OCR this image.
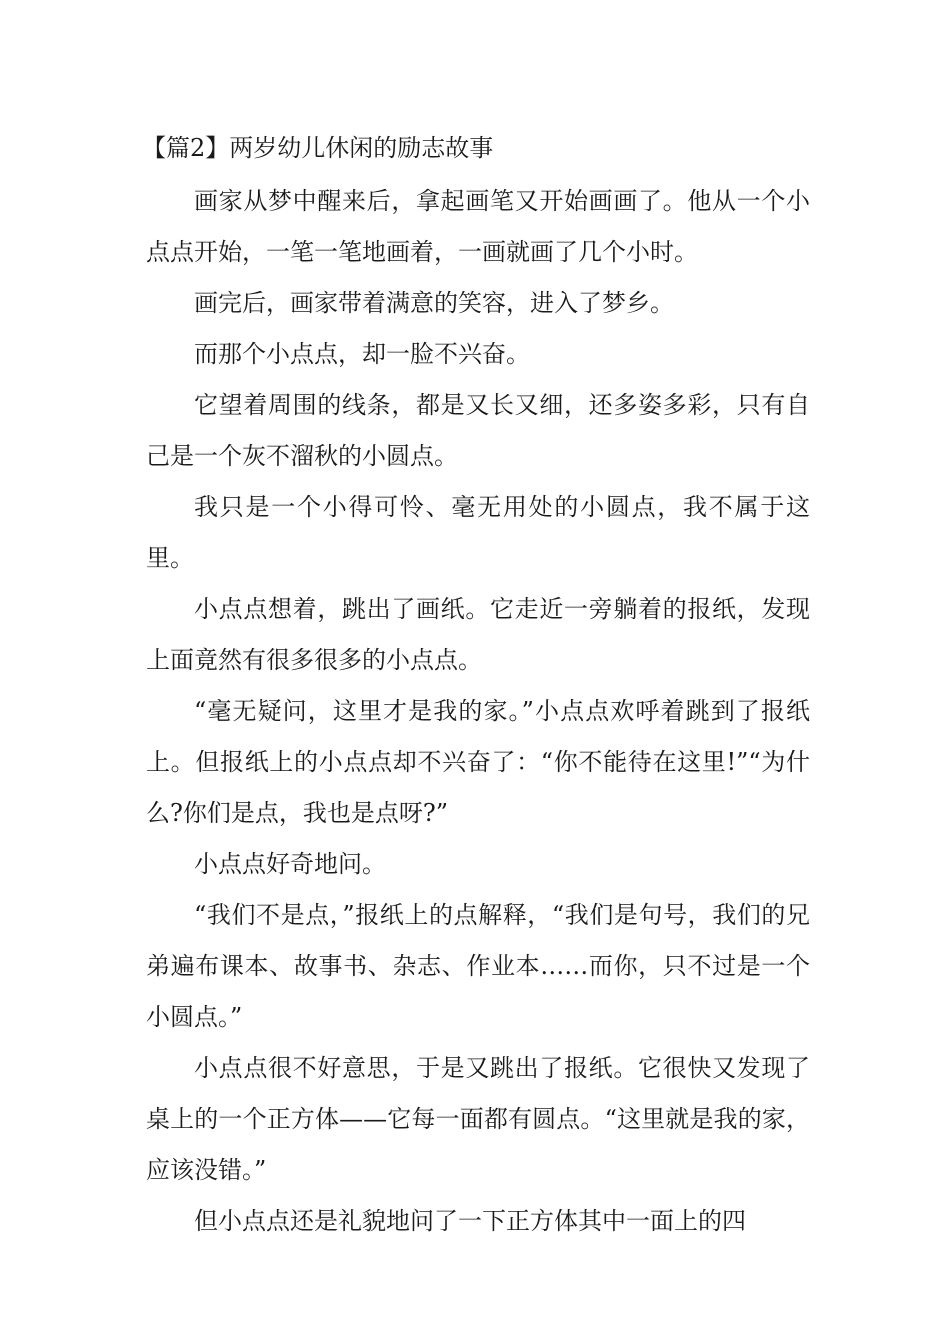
【篇2】两岁幼儿休闲的励志故事

画家从梦中醒来后，拿起画笔又开始画画了。他从一个小点点开始，一笔一笔地画着，一画就画了几个小时。

画完后，画家带着满意的笑容，进入了梦乡。

而那个小点点，却一脸不兴奋。

它望着周围的线条，都是又长又细，还多姿多彩，只有自己是一个灰不溜秋的小圆点。

我只是一个小得可怜、毫无用处的小圆点，我不属于这里。

小点点想着，跳出了画纸。它走近一旁躺着的报纸，发现上面竟然有很多很多的小点点。

“毫无疑问，这里才是我的家。”小点点欢呼着跳到了报纸上。但报纸上的小点点却不兴奋了：“你不能待在这里!”“为什么?你们是点，我也是点呀?”

小点点好奇地问。

“我们不是点，”报纸上的点解释，“我们是句号，我们的兄弟遍布课本、故事书、杂志、作业本……而你，只不过是一个小圆点。”

小点点很不好意思，于是又跳出了报纸。它很快又发现了桌上的一个正方体——它每一面都有圆点。“这里就是我的家，应该没错。”

但小点点还是礼貌地问了一下正方体其中一面上的四
